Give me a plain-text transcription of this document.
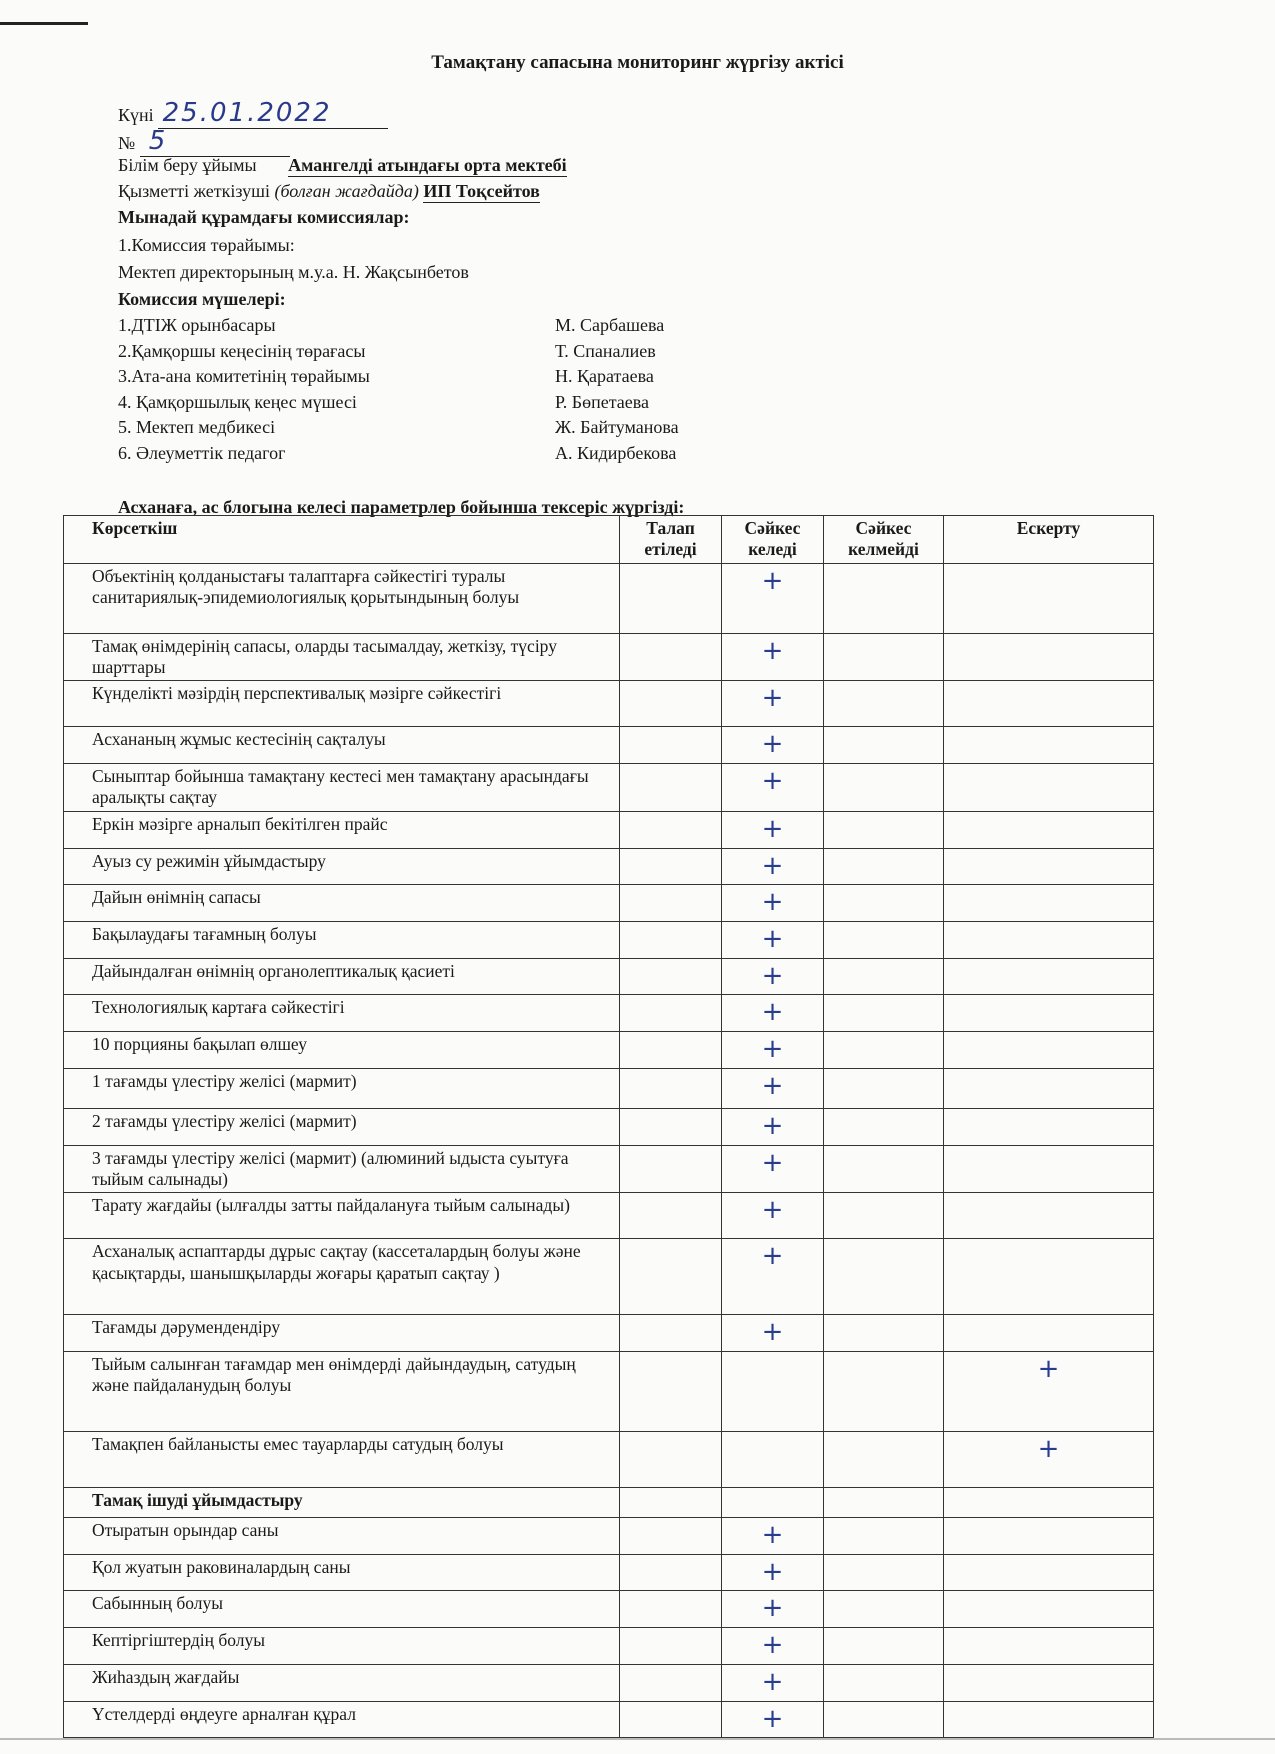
Тамақтану сапасына мониторинг жүргізу актісі
Күні 25.01.2022
№ 5
Білім беру ұйымы Амангелді атындағы орта мектебі
Қызметті жеткізуші (болған жағдайда) ИП Тоқсейтов
Мынадай құрамдағы комиссиялар:
1.Комиссия төрайымы:
Мектеп директорының м.у.а. Н. Жақсынбетов
Комиссия мүшелері:
1.ДТІЖ орынбасары	М. Сарбашева
2.Қамқоршы кеңесінің төрағасы	Т. Спаналиев
3.Ата-ана комитетінің төрайымы	Н. Қаратаева
4. Қамқоршылық кеңес мүшесі	Р. Бөпетаева
5. Мектеп медбикесі	Ж. Байтуманова
6. Әлеуметтік педагог	А. Кидирбекова
Асханаға, ас блогына келесі параметрлер бойынша тексеріс жүргізді:
Көрсеткіш	Талап етіледі	Сәйкес келеді	Сәйкес келмейді	Ескерту
Объектінің қолданыстағы талаптарға сәйкестігі туралы санитариялық-эпидемиологиялық қорытындының болуы		+		
Тамақ өнімдерінің сапасы, оларды тасымалдау, жеткізу, түсіру шарттары		+		
Күнделікті мәзірдің перспективалық мәзірге сәйкестігі		+		
Асхананың жұмыс кестесінің сақталуы		+		
Сыныптар бойынша тамақтану кестесі мен тамақтану арасындағы аралықты сақтау		+		
Еркін мәзірге арналып бекітілген прайс		+		
Ауыз су режимін ұйымдастыру		+		
Дайын өнімнің сапасы		+		
Бақылаудағы тағамның болуы		+		
Дайындалған өнімнің органолептикалық қасиеті		+		
Технологиялық картаға сәйкестігі		+		
10 порцияны бақылап өлшеу		+		
1 тағамды үлестіру желісі (мармит)		+		
2 тағамды үлестіру желісі (мармит)		+		
3 тағамды үлестіру желісі (мармит) (алюминий ыдыста суытуға тыйым салынады)		+		
Тарату жағдайы (ылғалды затты пайдалануға тыйым салынады)		+		
Асханалық аспаптарды дұрыс сақтау (кассеталардың болуы және қасықтарды, шанышқыларды жоғары қаратып сақтау )		+		
Тағамды дәрумендендіру		+		
Тыйым салынған тағамдар мен өнімдерді дайындаудың, сатудың және пайдаланудың болуы				+
Тамақпен байланысты емес тауарларды сатудың болуы				+
Тамақ ішуді ұйымдастыру				
Отыратын орындар саны		+		
Қол жуатын раковиналардың саны		+		
Сабынның болуы		+		
Кептіргіштердің болуы		+		
Жиһаздың жағдайы		+		
Үстелдерді өңдеуге арналған құрал		+		
